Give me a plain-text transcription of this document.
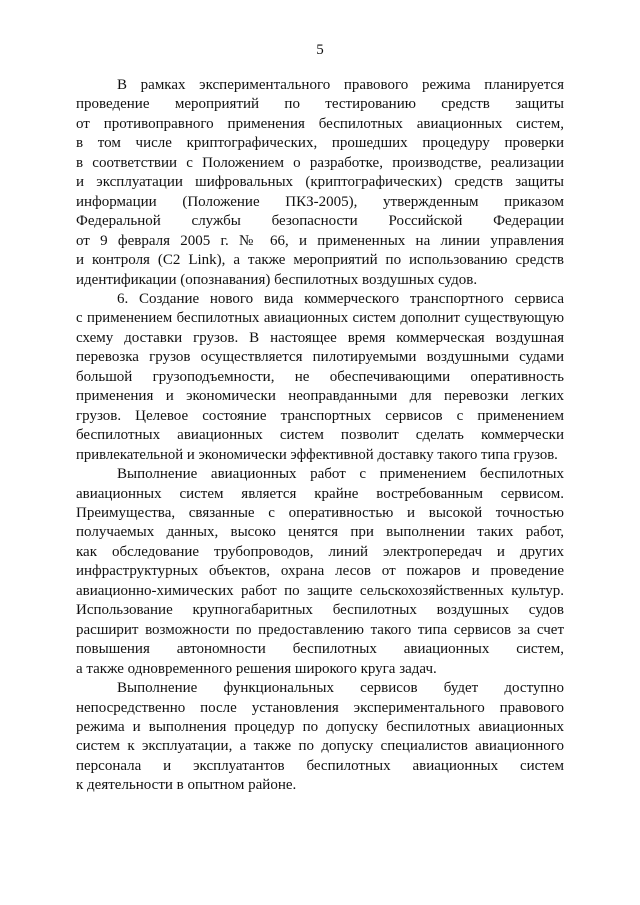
5
В рамках экспериментального правового режима планируется
проведение мероприятий по тестированию средств защиты
от противоправного применения беспилотных авиационных систем,
в том числе криптографических, прошедших процедуру проверки
в соответствии с Положением о разработке, производстве, реализации
и эксплуатации шифровальных (криптографических) средств защиты
информации (Положение ПКЗ-2005), утвержденным приказом
Федеральной службы безопасности Российской Федерации
от 9 февраля 2005 г. № 66, и примененных на линии управления
и контроля (C2 Link), а также мероприятий по использованию средств
идентификации (опознавания) беспилотных воздушных судов.
6. Создание нового вида коммерческого транспортного сервиса
с применением беспилотных авиационных систем дополнит существующую
схему доставки грузов. В настоящее время коммерческая воздушная
перевозка грузов осуществляется пилотируемыми воздушными судами
большой грузоподъемности, не обеспечивающими оперативность
применения и экономически неоправданными для перевозки легких
грузов. Целевое состояние транспортных сервисов с применением
беспилотных авиационных систем позволит сделать коммерчески
привлекательной и экономически эффективной доставку такого типа грузов.
Выполнение авиационных работ с применением беспилотных
авиационных систем является крайне востребованным сервисом.
Преимущества, связанные с оперативностью и высокой точностью
получаемых данных, высоко ценятся при выполнении таких работ,
как обследование трубопроводов, линий электропередач и других
инфраструктурных объектов, охрана лесов от пожаров и проведение
авиационно-химических работ по защите сельскохозяйственных культур.
Использование крупногабаритных беспилотных воздушных судов
расширит возможности по предоставлению такого типа сервисов за счет
повышения автономности беспилотных авиационных систем,
а также одновременного решения широкого круга задач.
Выполнение функциональных сервисов будет доступно
непосредственно после установления экспериментального правового
режима и выполнения процедур по допуску беспилотных авиационных
систем к эксплуатации, а также по допуску специалистов авиационного
персонала и эксплуатантов беспилотных авиационных систем
к деятельности в опытном районе.
